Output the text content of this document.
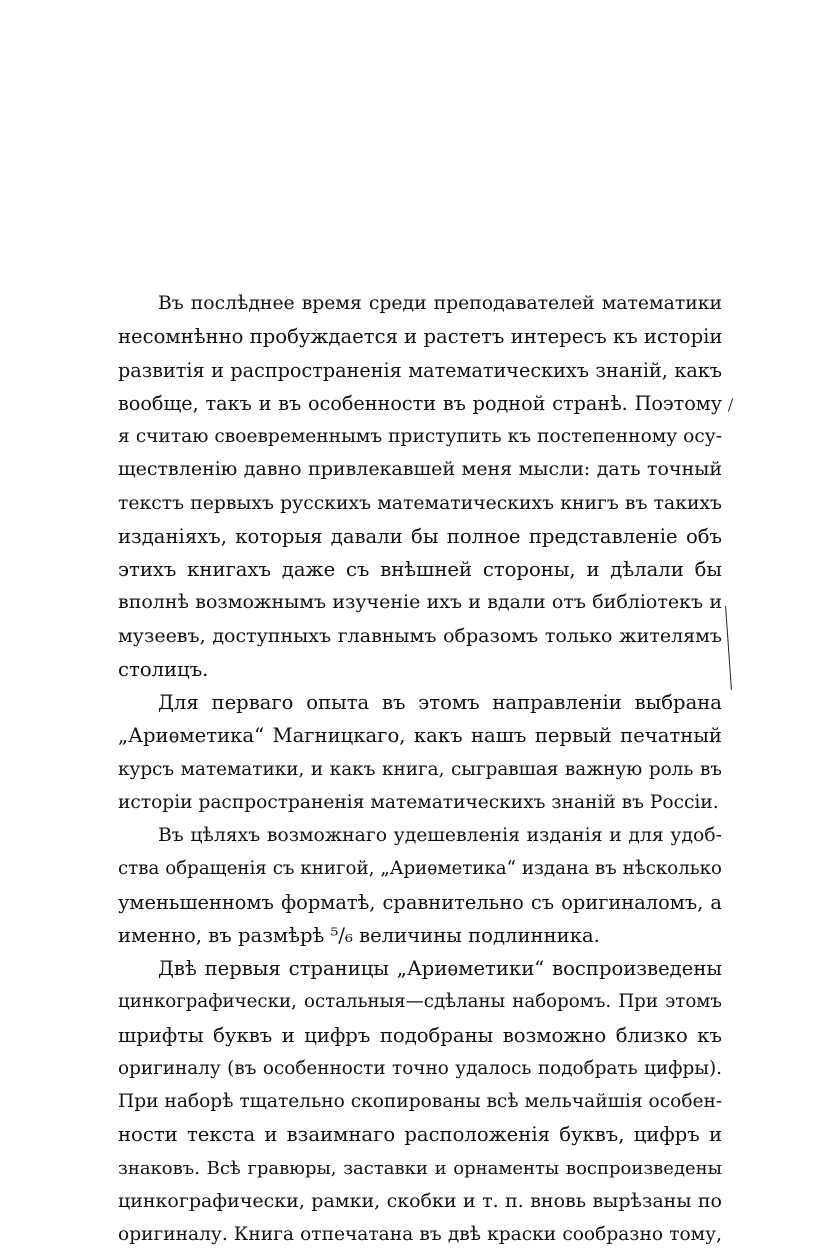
Въ послѣднее время среди преподавателей математики
несомнѣнно пробуждается и растетъ интересъ къ исторіи
развитія и распространенія математическихъ знаній, какъ
вообще, такъ и въ особенности въ родной странѣ. Поэтому
я считаю своевременнымъ приступить къ постепенному осу-
ществленію давно привлекавшей меня мысли: дать точный
текстъ первыхъ русскихъ математическихъ книгъ въ такихъ
изданіяхъ, которыя давали бы полное представленіе объ
этихъ книгахъ даже съ внѣшней стороны, и дѣлали бы
вполнѣ возможнымъ изученіе ихъ и вдали отъ библіотекъ и
музеевъ, доступныхъ главнымъ образомъ только жителямъ
столицъ.
Для перваго опыта въ этомъ направленіи выбрана
„Ариѳметика“ Магницкаго, какъ нашъ первый печатный
курсъ математики, и какъ книга, сыгравшая важную роль въ
исторіи распространенія математическихъ знаній въ Россіи.
Въ цѣляхъ возможнаго удешевленія изданія и для удоб-
ства обращенія съ книгой, „Ариѳметика“ издана въ нѣсколько
уменьшенномъ форматѣ, сравнительно съ оригиналомъ, а
именно, въ размѣрѣ ⁵/₆ величины подлинника.
Двѣ первыя страницы „Ариѳметики“ воспроизведены
цинкографически, остальныя—сдѣланы наборомъ. При этомъ
шрифты буквъ и цифръ подобраны возможно близко къ
оригиналу (въ особенности точно удалось подобрать цифры).
При наборѣ тщательно скопированы всѣ мельчайшія особен-
ности текста и взаимнаго расположенія буквъ, цифръ и
знаковъ. Всѣ гравюры, заставки и орнаменты воспроизведены
цинкографически, рамки, скобки и т. п. вновь вырѣзаны по
оригиналу. Книга отпечатана въ двѣ краски сообразно тому,
